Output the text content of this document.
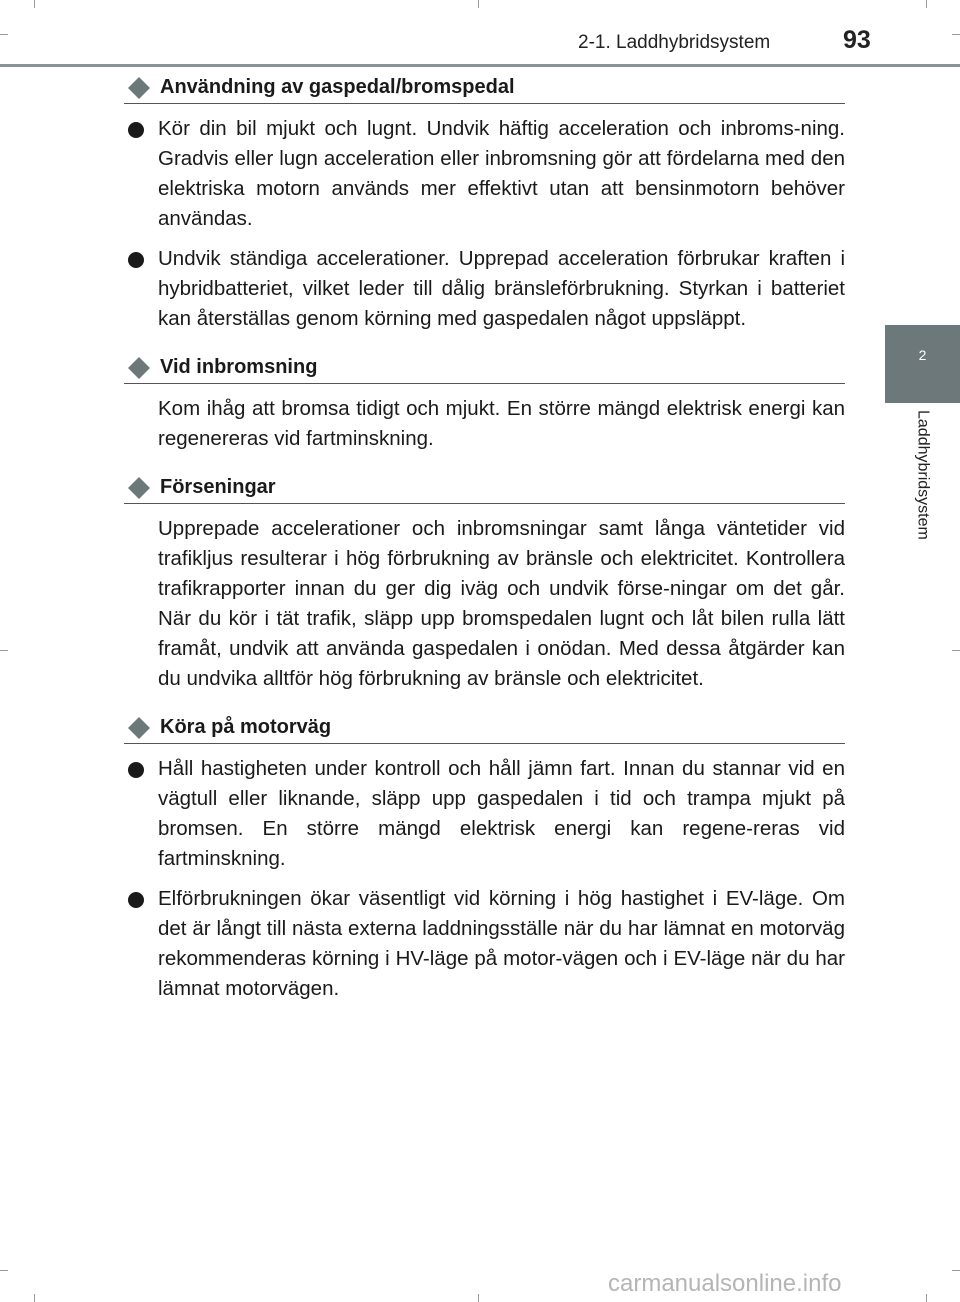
2-1. Laddhybridsystem	93
2
Laddhybridsystem
Användning av gaspedal/bromspedal

Kör din bil mjukt och lugnt. Undvik häftig acceleration och inbroms-ning. Gradvis eller lugn acceleration eller inbromsning gör att fördelarna med den elektriska motorn används mer effektivt utan att bensinmotorn behöver användas.

Undvik ständiga accelerationer. Upprepad acceleration förbrukar kraften i hybridbatteriet, vilket leder till dålig bränsleförbrukning. Styrkan i batteriet kan återställas genom körning med gaspedalen något uppsläppt.

Vid inbromsning

Kom ihåg att bromsa tidigt och mjukt. En större mängd elektrisk energi kan regenereras vid fartminskning.

Förseningar

Upprepade accelerationer och inbromsningar samt långa väntetider vid trafikljus resulterar i hög förbrukning av bränsle och elektricitet. Kontrollera trafikrapporter innan du ger dig iväg och undvik förse-ningar om det går. När du kör i tät trafik, släpp upp bromspedalen lugnt och låt bilen rulla lätt framåt, undvik att använda gaspedalen i onödan. Med dessa åtgärder kan du undvika alltför hög förbrukning av bränsle och elektricitet.

Köra på motorväg

Håll hastigheten under kontroll och håll jämn fart. Innan du stannar vid en vägtull eller liknande, släpp upp gaspedalen i tid och trampa mjukt på bromsen. En större mängd elektrisk energi kan regene-reras vid fartminskning.

Elförbrukningen ökar väsentligt vid körning i hög hastighet i EV-läge. Om det är långt till nästa externa laddningsställe när du har lämnat en motorväg rekommenderas körning i HV-läge på motor-vägen och i EV-läge när du har lämnat motorvägen.

carmanualsonline.info
